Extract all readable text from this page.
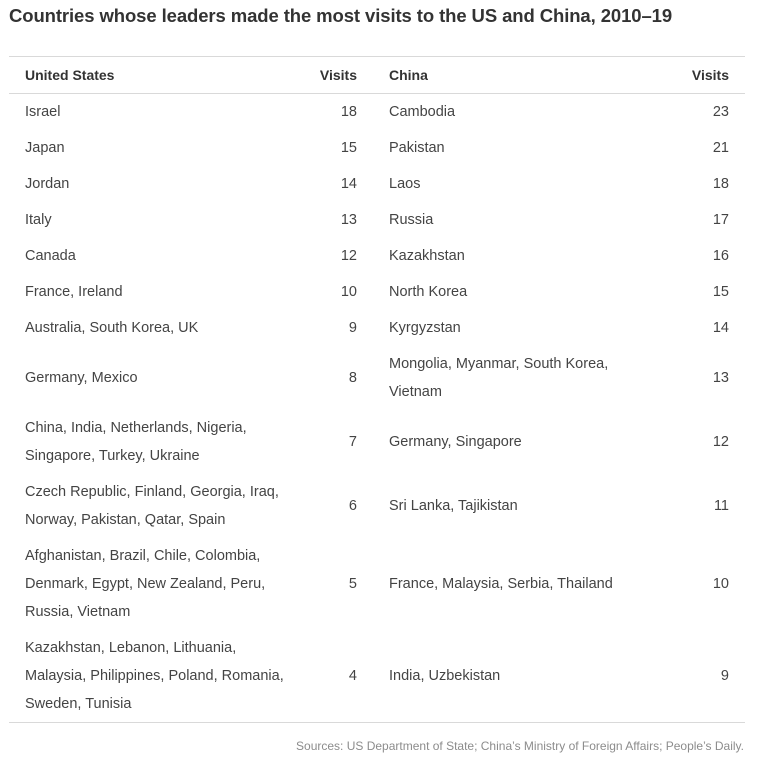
Countries whose leaders made the most visits to the US and China, 2010–19
United States	Visits	China	Visits
Israel	18	Cambodia	23
Japan	15	Pakistan	21
Jordan	14	Laos	18
Italy	13	Russia	17
Canada	12	Kazakhstan	16
France, Ireland	10	North Korea	15
Australia, South Korea, UK	9	Kyrgyzstan	14
Germany, Mexico	8	Mongolia, Myanmar, South Korea, Vietnam	13
China, India, Netherlands, Nigeria, Singapore, Turkey, Ukraine	7	Germany, Singapore	12
Czech Republic, Finland, Georgia, Iraq, Norway, Pakistan, Qatar, Spain	6	Sri Lanka, Tajikistan	11
Afghanistan, Brazil, Chile, Colombia, Denmark, Egypt, New Zealand, Peru, Russia, Vietnam	5	France, Malaysia, Serbia, Thailand	10
Kazakhstan, Lebanon, Lithuania, Malaysia, Philippines, Poland, Romania, Sweden, Tunisia	4	India, Uzbekistan	9
Sources: US Department of State; China’s Ministry of Foreign Affairs; People’s Daily.
